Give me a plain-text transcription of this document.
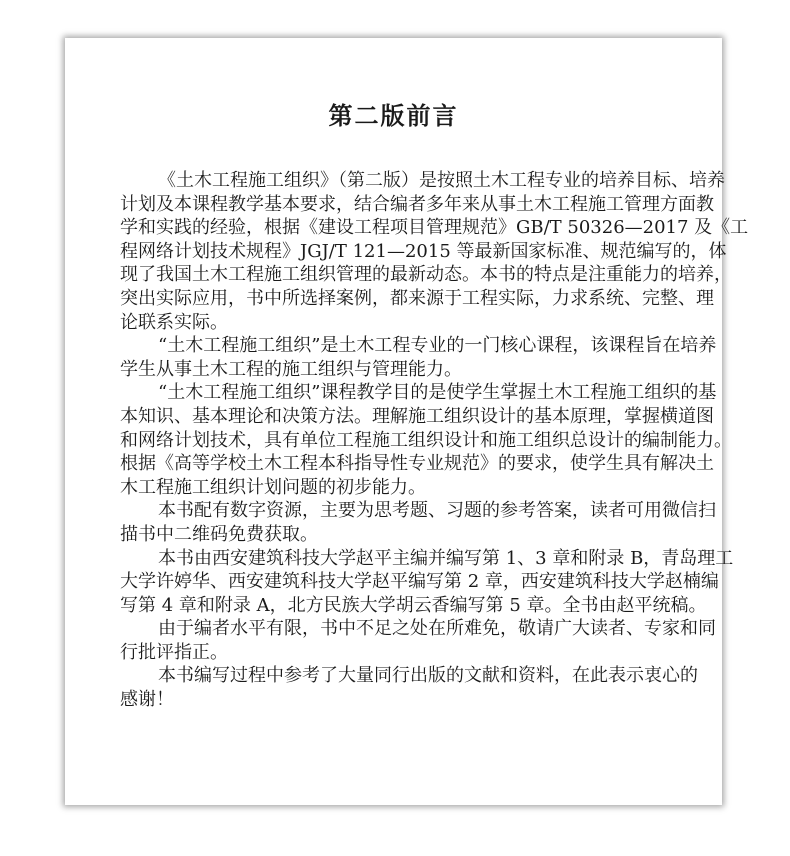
第二版前言
《土木工程施工组织》（第二版）是按照土木工程专业的培养目标、培养
计划及本课程教学基本要求，结合编者多年来从事土木工程施工管理方面教
学和实践的经验，根据《建设工程项目管理规范》GB/T 50326—2017 及《工
程网络计划技术规程》JGJ/T 121—2015 等最新国家标准、规范编写的，体
现了我国土木工程施工组织管理的最新动态。本书的特点是注重能力的培养，
突出实际应用，书中所选择案例，都来源于工程实际，力求系统、完整、理
论联系实际。
“土木工程施工组织”是土木工程专业的一门核心课程，该课程旨在培养
学生从事土木工程的施工组织与管理能力。
“土木工程施工组织”课程教学目的是使学生掌握土木工程施工组织的基
本知识、基本理论和决策方法。理解施工组织设计的基本原理，掌握横道图
和网络计划技术，具有单位工程施工组织设计和施工组织总设计的编制能力。
根据《高等学校土木工程本科指导性专业规范》的要求，使学生具有解决土
木工程施工组织计划问题的初步能力。
本书配有数字资源，主要为思考题、习题的参考答案，读者可用微信扫
描书中二维码免费获取。
本书由西安建筑科技大学赵平主编并编写第 1、3 章和附录 B，青岛理工
大学许婷华、西安建筑科技大学赵平编写第 2 章，西安建筑科技大学赵楠编
写第 4 章和附录 A，北方民族大学胡云香编写第 5 章。全书由赵平统稿。
由于编者水平有限，书中不足之处在所难免，敬请广大读者、专家和同
行批评指正。
本书编写过程中参考了大量同行出版的文献和资料，在此表示衷心的
感谢！
